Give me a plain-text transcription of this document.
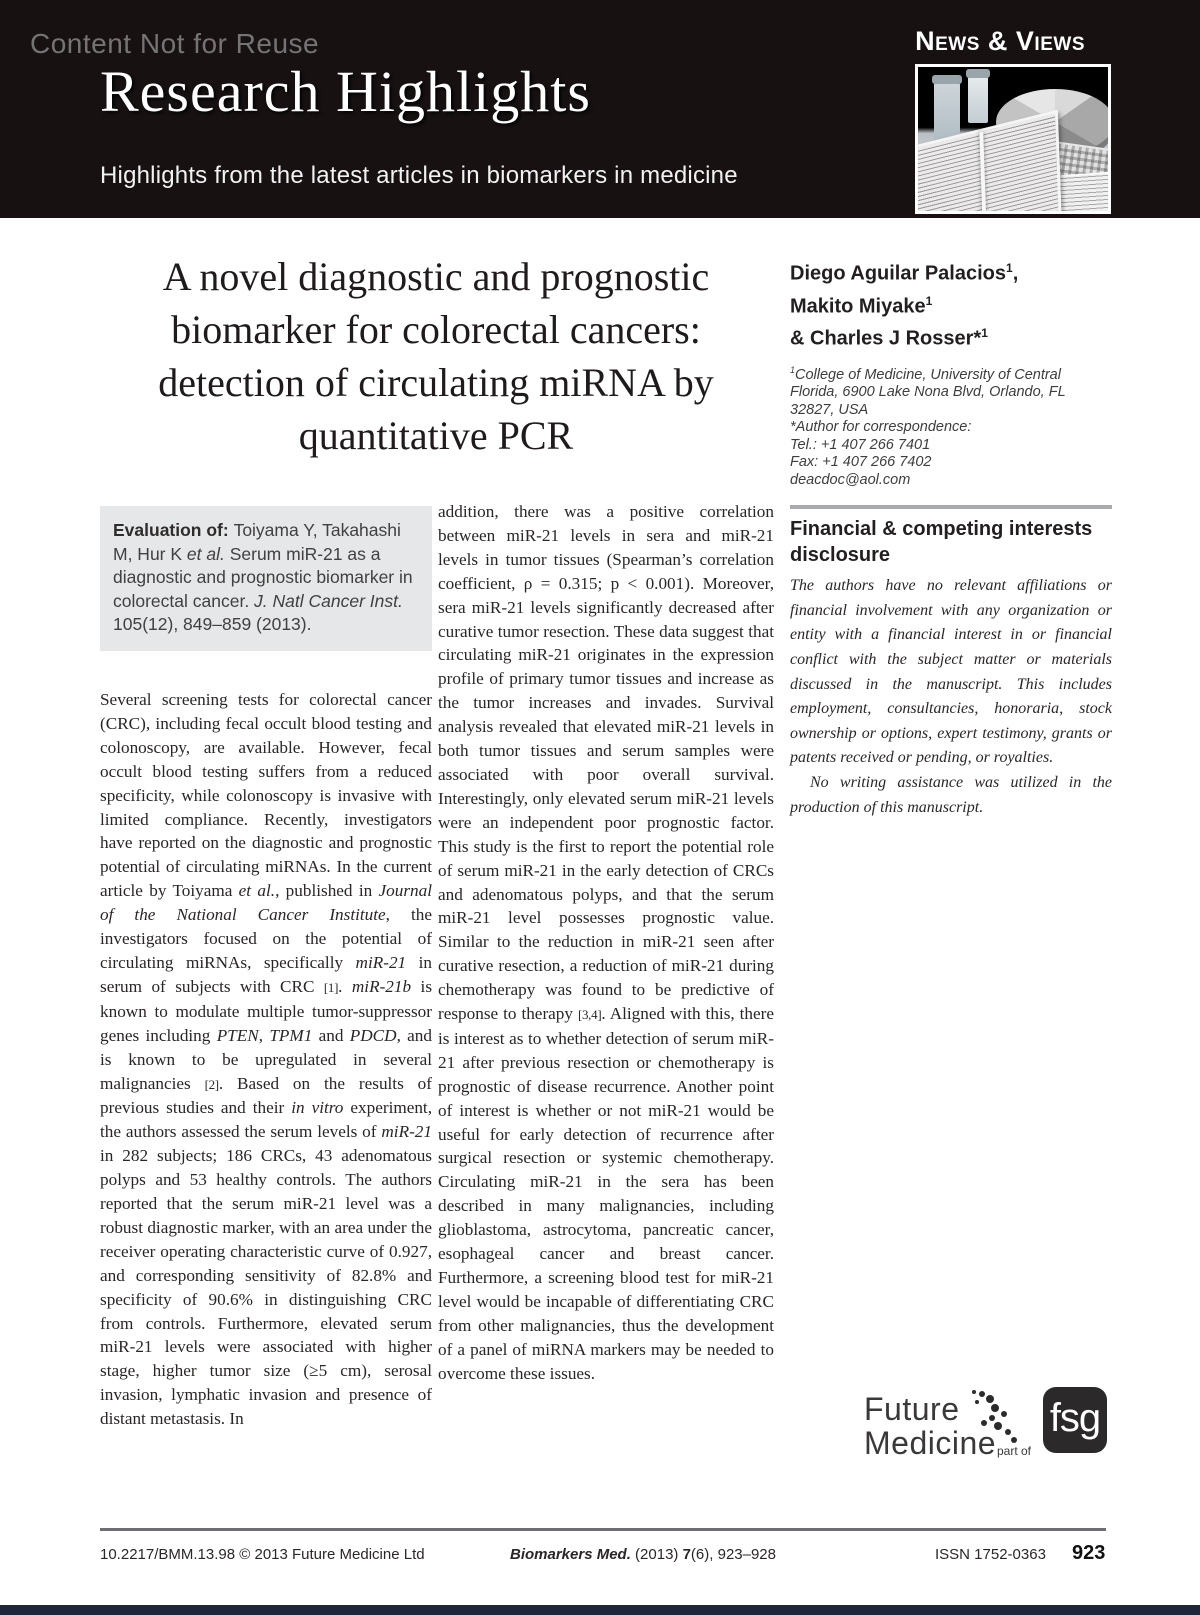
Content Not for Reuse
Research Highlights
Highlights from the latest articles in biomarkers in medicine
News & Views
A novel diagnostic and prognostic biomarker for colorectal cancers: detection of circulating miRNA by quantitative PCR
Diego Aguilar Palacios$^1$,
Makito Miyake$^1$
& Charles J Rosser*$^1$
$^1$College of Medicine, University of Central Florida, 6900 Lake Nona Blvd, Orlando, FL 32827, USA
*Author for correspondence:
Tel.: +1 407 266 7401
Fax: +1 407 266 7402
deacdoc@aol.com
Financial & competing interests disclosure

The authors have no relevant affiliations or financial involvement with any organization or entity with a financial interest in or financial conflict with the subject matter or materials discussed in the manuscript. This includes employment, consultancies, honoraria, stock ownership or options, expert testimony, grants or patents received or pending, or royalties.

No writing assistance was utilized in the production of this manuscript.

Evaluation of: Toiyama Y, Takahashi M, Hur K et al. Serum miR-21 as a diagnostic and prognostic biomarker in colorectal cancer. J. Natl Cancer Inst. 105(12), 849–859 (2013).
Several screening tests for colorectal cancer (CRC), including fecal occult blood testing and colonoscopy, are available. However, fecal occult blood testing suffers from a reduced specificity, while colonoscopy is invasive with limited compliance. Recently, investigators have reported on the diagnostic and prognostic potential of circulating miRNAs. In the current article by Toiyama et al., published in Journal of the National Cancer Institute, the investigators focused on the potential of circulating miRNAs, specifically miR-21 in serum of subjects with CRC [1]. miR-21b is known to modulate multiple tumor-suppressor genes including PTEN, TPM1 and PDCD, and is known to be upregulated in several malignancies [2]. Based on the results of previous studies and their in vitro experiment, the authors assessed the serum levels of miR-21 in 282 subjects; 186 CRCs, 43 adenomatous polyps and 53 healthy controls. The authors reported that the serum miR-21 level was a robust diagnostic marker, with an area under the receiver operating characteristic curve of 0.927, and corresponding sensitivity of 82.8% and specificity of 90.6% in distinguishing CRC from controls. Furthermore, elevated serum miR-21 levels were associated with higher stage, higher tumor size (≥5 cm), serosal invasion, lymphatic invasion and presence of distant metastasis. In
addition, there was a positive correlation between miR-21 levels in sera and miR-21 levels in tumor tissues (Spearman’s correlation coefficient, ρ = 0.315; p < 0.001). Moreover, sera miR-21 levels significantly decreased after curative tumor resection. These data suggest that circulating miR-21 originates in the expression profile of primary tumor tissues and increase as the tumor increases and invades. Survival analysis revealed that elevated miR-21 levels in both tumor tissues and serum samples were associated with poor overall survival. Interestingly, only elevated serum miR-21 levels were an independent poor prognostic factor. This study is the first to report the potential role of serum miR-21 in the early detection of CRCs and adenomatous polyps, and that the serum miR-21 level possesses prognostic value. Similar to the reduction in miR-21 seen after curative resection, a reduction of miR-21 during chemotherapy was found to be predictive of response to therapy [3,4]. Aligned with this, there is interest as to whether detection of serum miR-21 after previous resection or chemotherapy is prognostic of disease recurrence. Another point of interest is whether or not miR-21 would be useful for early detection of recurrence after surgical resection or systemic chemotherapy. Circulating miR-21 in the sera has been described in many malignancies, including glioblastoma, astrocytoma, pancreatic cancer, esophageal cancer and breast cancer. Furthermore, a screening blood test for miR-21 level would be incapable of differentiating CRC from other malignancies, thus the development of a panel of miRNA markers may be needed to overcome these issues.
Future
Medicine part of
fsg
10.2217/BMM.13.98 © 2013 Future Medicine Ltd	Biomarkers Med. (2013) 7(6), 923–928	ISSN 1752-0363 923
